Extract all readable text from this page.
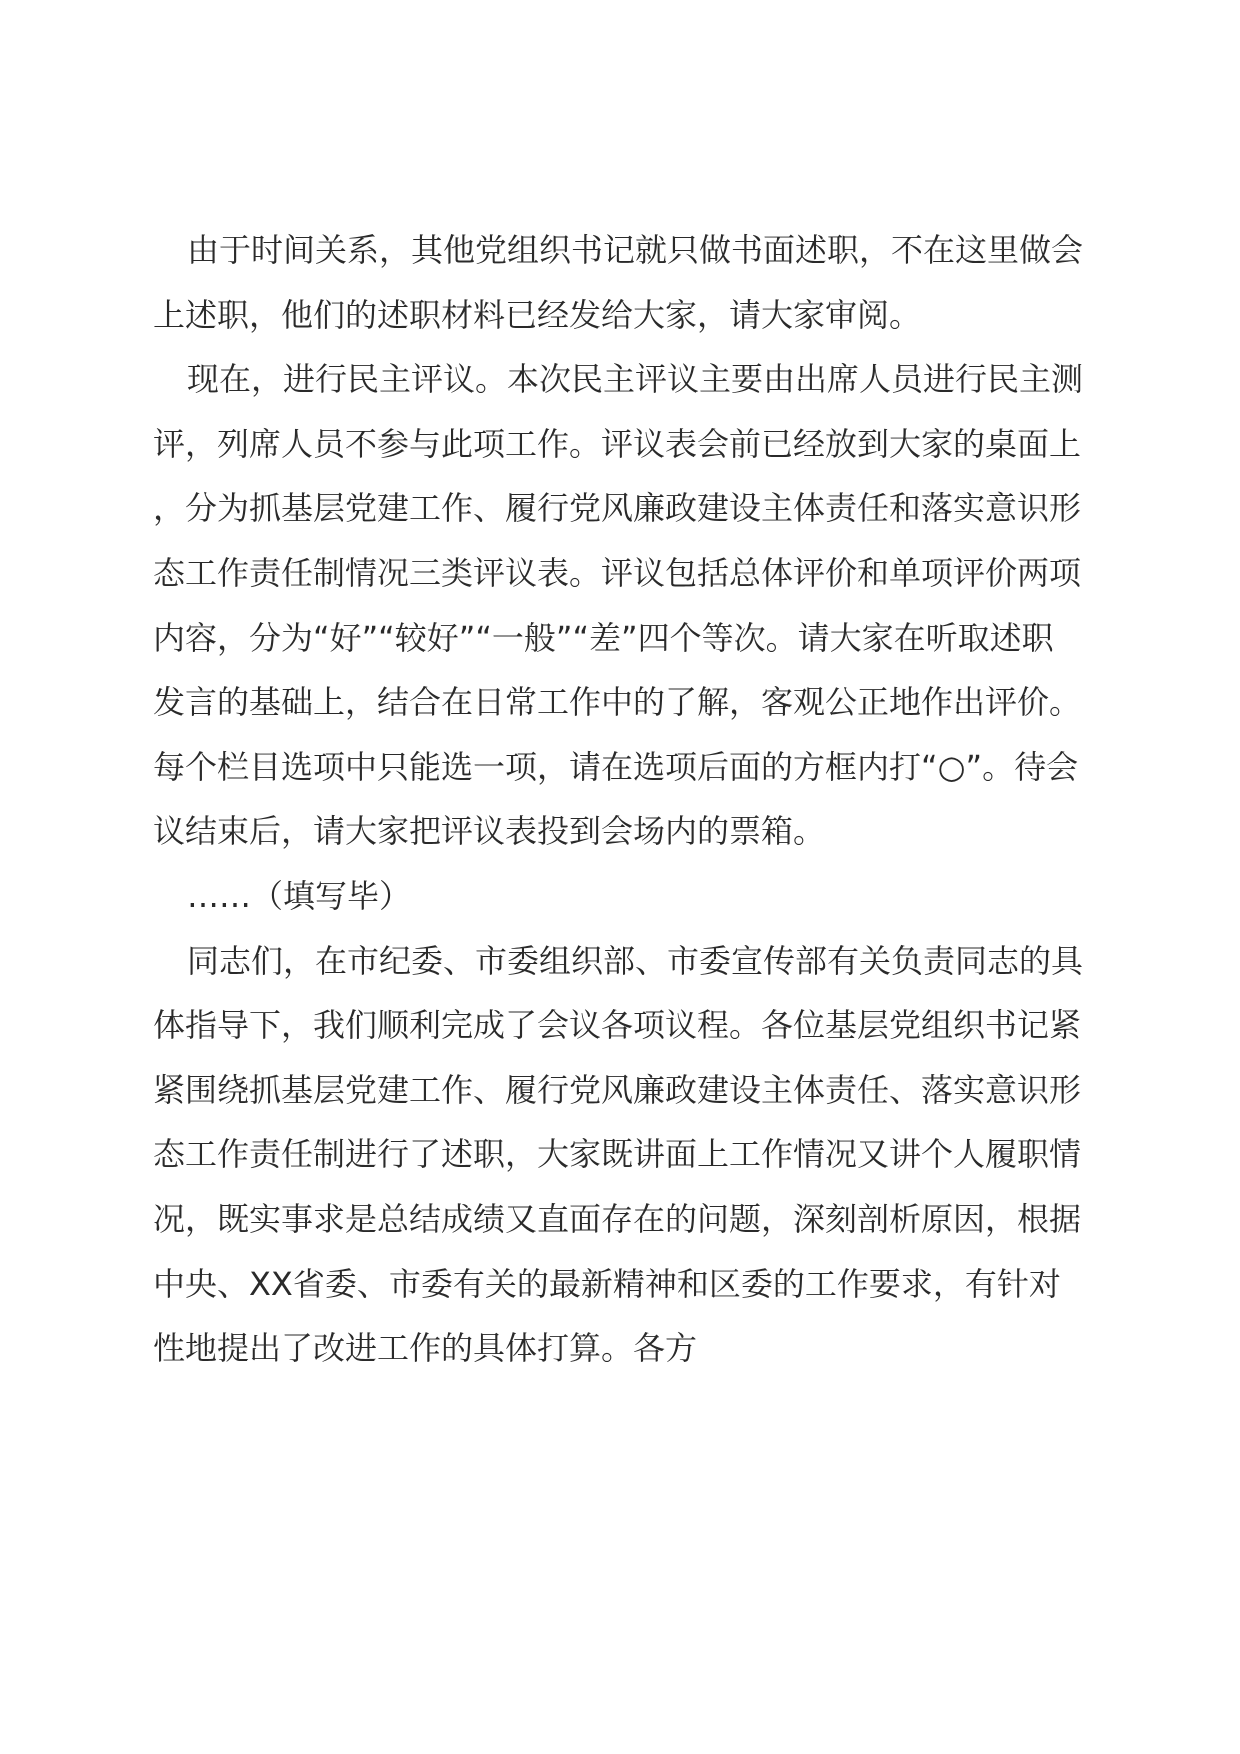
由于时间关系，其他党组织书记就只做书面述职，不在这里做会上述职，他们的述职材料已经发给大家，请大家审阅。

现在，进行民主评议。本次民主评议主要由出席人员进行民主测评，列席人员不参与此项工作。评议表会前已经放到大家的桌面上，分为抓基层党建工作、履行党风廉政建设主体责任和落实意识形态工作责任制情况三类评议表。评议包括总体评价和单项评价两项内容，分为“好”“较好”“一般”“差”四个等次。请大家在听取述职发言的基础上，结合在日常工作中的了解，客观公正地作出评价。每个栏目选项中只能选一项，请在选项后面的方框内打“○”。待会议结束后，请大家把评议表投到会场内的票箱。

……（填写毕）

同志们，在市纪委、市委组织部、市委宣传部有关负责同志的具体指导下，我们顺利完成了会议各项议程。各位基层党组织书记紧紧围绕抓基层党建工作、履行党风廉政建设主体责任、落实意识形态工作责任制进行了述职，大家既讲面上工作情况又讲个人履职情况，既实事求是总结成绩又直面存在的问题，深刻剖析原因，根据中央、XX省委、市委有关的最新精神和区委的工作要求，有针对性地提出了改进工作的具体打算。各方
